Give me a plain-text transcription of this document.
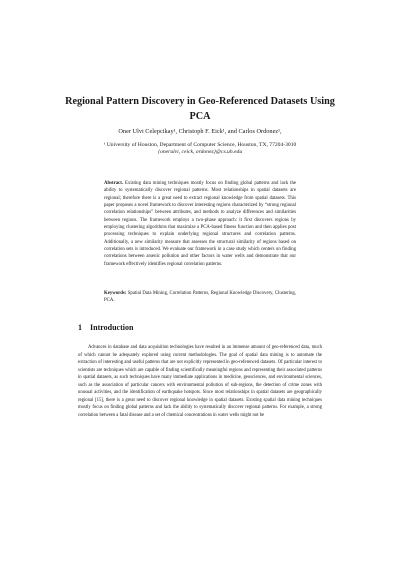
Regional Pattern Discovery in Geo-Referenced Datasets Using PCA
Oner Ulvi Celepcikay¹, Christoph F. Eick¹, and Carlos Ordonez¹,
¹ University of Houston, Department of Computer Science, Houston, TX, 77204-3010
{onerulvi, ceick, ordonez}@cs.uh.edu

Abstract. Existing data mining techniques mostly focus on finding global patterns and lack the ability to systematically discover regional patterns. Most relationships in spatial datasets are regional; therefore there is a great need to extract regional knowledge from spatial datasets. This paper proposes a novel framework to discover interesting regions characterized by “strong regional correlation relationships” between attributes, and methods to analyze differences and similarities between regions. The framework employs a two-phase approach: it first discovers regions by employing clustering algorithms that maximize a PCA-based fitness function and then applies post processing techniques to explain underlying regional structures and correlation patterns. Additionally, a new similarity measure that assesses the structural similarity of regions based on correlation sets is introduced. We evaluate our framework in a case study which centers on finding correlations between arsenic pollution and other factors in water wells and demonstrate that our framework effectively identifies regional correlation patterns.

Keywords: Spatial Data Mining, Correlation Patterns, Regional Knowledge Discovery, Clustering, PCA.

1 Introduction

Advances in database and data acquisition technologies have resulted in an immense amount of geo-referenced data, much of which cannot be adequately explored using current methodologies. The goal of spatial data mining is to automate the extraction of interesting and useful patterns that are not explicitly represented in geo-referenced datasets. Of particular interest to scientists are techniques which are capable of finding scientifically meaningful regions and representing their associated patterns in spatial datasets, as such techniques have many immediate applications in medicine, geosciences, and environmental sciences, such as the association of particular cancers with environmental pollution of sub-regions, the detection of crime zones with unusual activities, and the identification of earthquake hotspots. Since most relationships in spatial datasets are geographically regional [15], there is a great need to discover regional knowledge in spatial datasets. Existing spatial data mining techniques mostly focus on finding global patterns and lack the ability to systematically discover regional patterns. For example, a strong correlation between a fatal disease and a set of chemical concentrations in water wells might not be
